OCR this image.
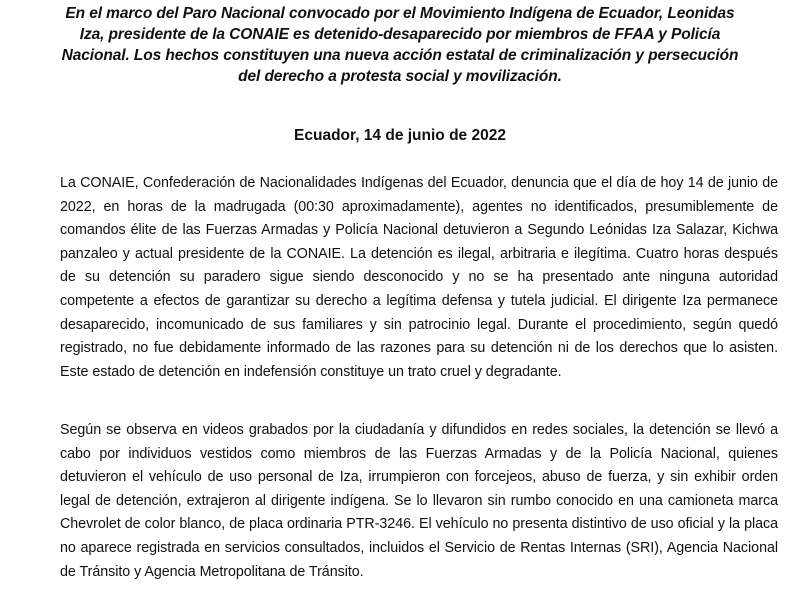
En el marco del Paro Nacional convocado por el Movimiento Indígena de Ecuador, Leonidas Iza, presidente de la CONAIE es detenido-desaparecido por miembros de FFAA y Policía Nacional. Los hechos constituyen una nueva acción estatal de criminalización y persecución del derecho a protesta social y movilización.

Ecuador, 14 de junio de 2022

La CONAIE, Confederación de Nacionalidades Indígenas del Ecuador, denuncia que el día de hoy 14 de junio de 2022, en horas de la madrugada (00:30 aproximadamente), agentes no identificados, presumiblemente de comandos élite de las Fuerzas Armadas y Policía Nacional detuvieron a Segundo Leónidas Iza Salazar, Kichwa panzaleo y actual presidente de la CONAIE. La detención es ilegal, arbitraria e ilegítima. Cuatro horas después de su detención su paradero sigue siendo desconocido y no se ha presentado ante ninguna autoridad competente a efectos de garantizar su derecho a legítima defensa y tutela judicial. El dirigente Iza permanece desaparecido, incomunicado de sus familiares y sin patrocinio legal. Durante el procedimiento, según quedó registrado, no fue debidamente informado de las razones para su detención ni de los derechos que lo asisten. Este estado de detención en indefensión constituye un trato cruel y degradante.

Según se observa en videos grabados por la ciudadanía y difundidos en redes sociales, la detención se llevó a cabo por individuos vestidos como miembros de las Fuerzas Armadas y de la Policía Nacional, quienes detuvieron el vehículo de uso personal de Iza, irrumpieron con forcejeos, abuso de fuerza, y sin exhibir orden legal de detención, extrajeron al dirigente indígena. Se lo llevaron sin rumbo conocido en una camioneta marca Chevrolet de color blanco, de placa ordinaria PTR-3246. El vehículo no presenta distintivo de uso oficial y la placa no aparece registrada en servicios consultados, incluidos el Servicio de Rentas Internas (SRI), Agencia Nacional de Tránsito y Agencia Metropolitana de Tránsito.
